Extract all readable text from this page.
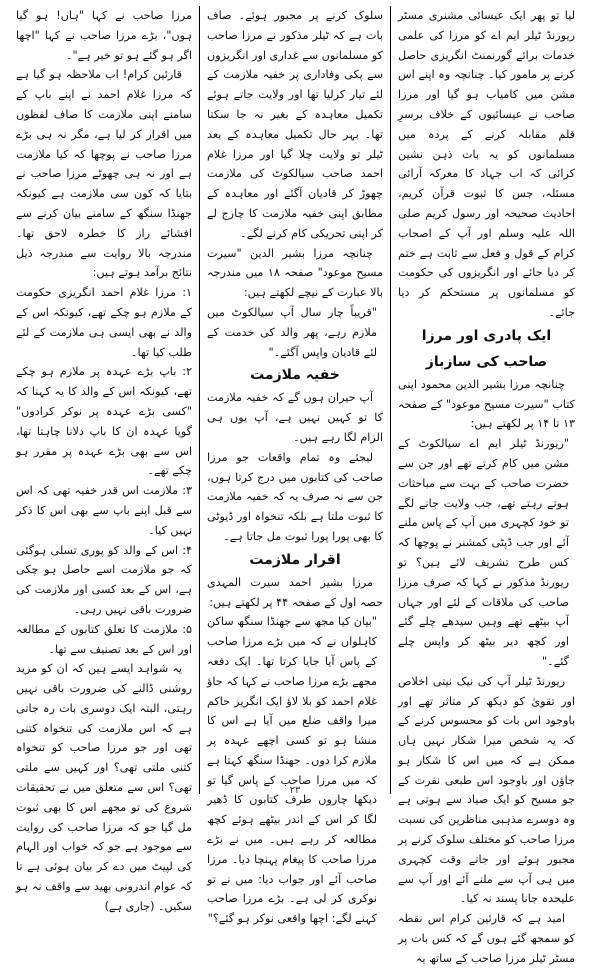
لیا تو پھر ایک عیسائی مشنری مسٹر ریورنڈ ٹیلر ایم اے کو مرزا کی علمی خدمات برائے گورنمنٹ انگریزی حاصل کرنے پر مامور کیا۔ چنانچہ وہ اپنے اس مشن میں کامیاب ہو گیا اور مرزا صاحب نے عیسائیوں کے خلاف برسرِ قلم مقابلہ کرنے کے پردہ میں مسلمانوں کو یہ بات ذہن نشین کرائی کہ اب جہاد کا معرکہ آرائی مسئلہ، جس کا ثبوت قرآن کریم، احادیث صحیحہ اور رسول کریم صلی اللہ علیہ وسلم اور آپ کے اصحاب کرام کے قول و فعل سے ثابت ہے ختم کر دیا جائے اور انگریزوں کی حکومت کو مسلمانوں پر مستحکم کر دیا جائے۔

ایک پادری اور مرزا صاحب کی سازباز

چنانچہ مرزا بشیر الدین محمود اپنی کتاب "سیرت مسیح موعود" کے صفحہ ۱۳ تا ۱۴ پر لکھتے ہیں:

"ریورنڈ ٹیلر ایم اے سیالکوٹ کے مشن میں کام کرتے تھے اور جن سے حضرت صاحب کے بہت سے مباحثات ہوتے رہتے تھے، جب ولایت جانے لگے تو خود کچہری میں آپ کے پاس ملنے آئے اور جب ڈپٹی کمشنر نے پوچھا کہ کس طرح تشریف لائے ہیں؟ تو ریورنڈ مذکور نے کہا کہ صرف مرزا صاحب کی ملاقات کے لئے اور جہاں آپ بیٹھے تھے وہیں سیدھے چلے گئے اور کچھ دیر بیٹھ کر واپس چلے گئے۔"

ریورنڈ ٹیلر آپ کی نیک نیتی اخلاص اور تقویٰ کو دیکھ کر متاثر تھے اور باوجود اس بات کو محسوس کرنے کے کہ یہ شخص میرا شکار نہیں ہاں ممکن ہے کہ میں اس کا شکار ہو جاؤں اور باوجود اس طبعی نفرت کے جو مسیح کو ایک صیاد سے ہوتی ہے وہ دوسرے مذہبی مناظرین کی نسبت مرزا صاحب کو مختلف سلوک کرنے پر مجبور ہوئے اور جاتے وقت کچہری میں ہی آپ سے ملنے آئے اور آپ سے علیحدہ جانا پسند نہ کیا۔

امید ہے کہ قارئین کرام اس نقطہ کو سمجھ گئے ہوں گے کہ کس بات پر مسٹر ٹیلر مرزا صاحب کے ساتھ یہ

سلوک کرنے پر مجبور ہوئے۔ صاف بات ہے کہ ٹیلر مذکور نے مرزا صاحب کو مسلمانوں سے غداری اور انگریزوں سے پکی وفاداری پر خفیہ ملازمت کے لئے تیار کرلیا تھا اور ولایت جاتے ہوئے تکمیل معاہدہ کے بغیر نہ جا سکتا تھا۔ بہر حال تکمیل معاہدہ کے بعد ٹیلر تو ولایت چلا گیا اور مرزا غلام احمد صاحب سیالکوٹ کی ملازمت چھوڑ کر قادیان آگئے اور معاہدہ کے مطابق اپنی خفیہ ملازمت کا چارج لے کر اپنی تحریکی کام کرنے لگے۔

چنانچہ مرزا بشیر الدین "سیرت مسیح موعود" صفحہ ۱۸ میں مندرجہ بالا عبارت کے نیچے لکھتے ہیں:

"قریباً چار سال آپ سیالکوٹ میں ملازم رہے، پھر والد کی خدمت کے لئے قادیان واپس آگئے۔"

خفیہ ملازمت

آپ حیران ہوں گے کہ خفیہ ملازمت کا تو کہیں نہیں ہے، آپ یوں ہی الزام لگا رہے ہیں۔

لیجئے وہ تمام واقعات جو مرزا صاحب کی کتابوں میں درج کرتا ہوں، جن سے نہ صرف یہ کہ خفیہ ملازمت کا ثبوت ملتا ہے بلکہ تنخواہ اور ڈیوٹی کا بھی پورا پورا ثبوت مل جاتا ہے۔

اقرار ملازمت

مرزا بشیر احمد سیرت المہدی حصہ اول کے صفحہ ۴۴ پر لکھتے ہیں:

"بیان کیا مجھ سے جھنڈا سنگھ ساکن کاہلواں نے کہ میں بڑے مرزا صاحب کے پاس آیا جایا کرتا تھا۔ ایک دفعہ مجھے بڑے مرزا صاحب نے کہا کہ جاؤ غلام احمد کو بلا لاؤ ایک انگریز حاکم میرا واقف ضلع میں آیا ہے اس کا منشا ہو تو کسی اچھے عہدہ پر ملازم کرا دوں۔ جھنڈا سنگھ کہتا ہے کہ میں مرزا صاحب کے پاس گیا تو دیکھا چاروں طرف کتابوں کا ڈھیر لگا کر اس کے اندر بیٹھے ہوئے کچھ مطالعہ کر رہے ہیں۔ میں نے بڑے مرزا صاحب کا پیغام پہنچا دیا۔ مرزا صاحب آئے اور جواب دیا: میں نے تو نوکری کر لی ہے۔ بڑے مرزا صاحب کہنے لگے: اچھا واقعی نوکر ہو گئے؟"

مرزا صاحب نے کہا "ہاں! ہو گیا ہوں"، بڑے مرزا صاحب نے کہا "اچھا اگر ہو گئے ہو تو خیر ہے"۔

قارئین کرام! اب ملاحظہ ہو گیا ہے کہ مرزا غلام احمد نے اپنے باپ کے سامنے اپنی ملازمت کا صاف لفظوں میں اقرار کر لیا ہے، مگر نہ ہی بڑے مرزا صاحب نے پوچھا کہ کیا ملازمت ہے اور نہ ہی چھوٹے مرزا صاحب نے بتایا کہ کون سی ملازمت ہے کیونکہ جھنڈا سنگھ کے سامنے بیان کرنے سے افشائے راز کا خطرہ لاحق تھا۔ مندرجہ بالا روایت سے مندرجہ ذیل نتائج برآمد ہوتے ہیں:

۱: مرزا غلام احمد انگریزی حکومت کے ملازم ہو چکے تھے، کیونکہ اس کے والد نے بھی ایسی ہی ملازمت کے لئے طلب کیا تھا۔

۲: باپ بڑے عہدہ پر ملازم ہو چکے تھے، کیونکہ اس کے والد کا یہ کہنا کہ "کسی بڑے عہدہ پر نوکر کرادوں" گویا عہدہ ان کا باپ دلانا چاہتا تھا، اس سے بھی بڑے عہدہ پر مقرر ہو چکے تھے۔

۳: ملازمت اس قدر خفیہ تھی کہ اس سے قبل اپنے باپ سے بھی اس کا ذکر نہیں کیا۔

۴: اس کے والد کو پوری تسلی ہوگئی کہ جو ملازمت اسے حاصل ہو چکی ہے، اس کے بعد کسی اور ملازمت کی ضرورت باقی نہیں رہی۔

۵: ملازمت کا تعلق کتابوں کے مطالعہ اور اس کے بعد تصنیف سے تھا۔

یہ شواہد ایسے ہیں کہ ان کو مزید روشنی ڈالنے کی ضرورت باقی نہیں رہتی، البتہ ایک دوسری بات رہ جاتی ہے کہ اس ملازمت کی تنخواہ کتنی تھی اور جو مرزا صاحب کو تنخواہ کتنی ملتی تھی؟ اور کہیں سے ملتی تھی؟ اس سے متعلق میں نے تحقیقات شروع کی تو مجھے اس کا بھی ثبوت مل گیا جو کہ مرزا صاحب کی روایت سے موجود ہے جو کہ خواب اور الہام کی لپیٹ میں دے کر بیان ہوئی ہے تا کہ عوام اندرونی بھید سے واقف نہ ہو سکیں۔ (جاری ہے)

۲۳
